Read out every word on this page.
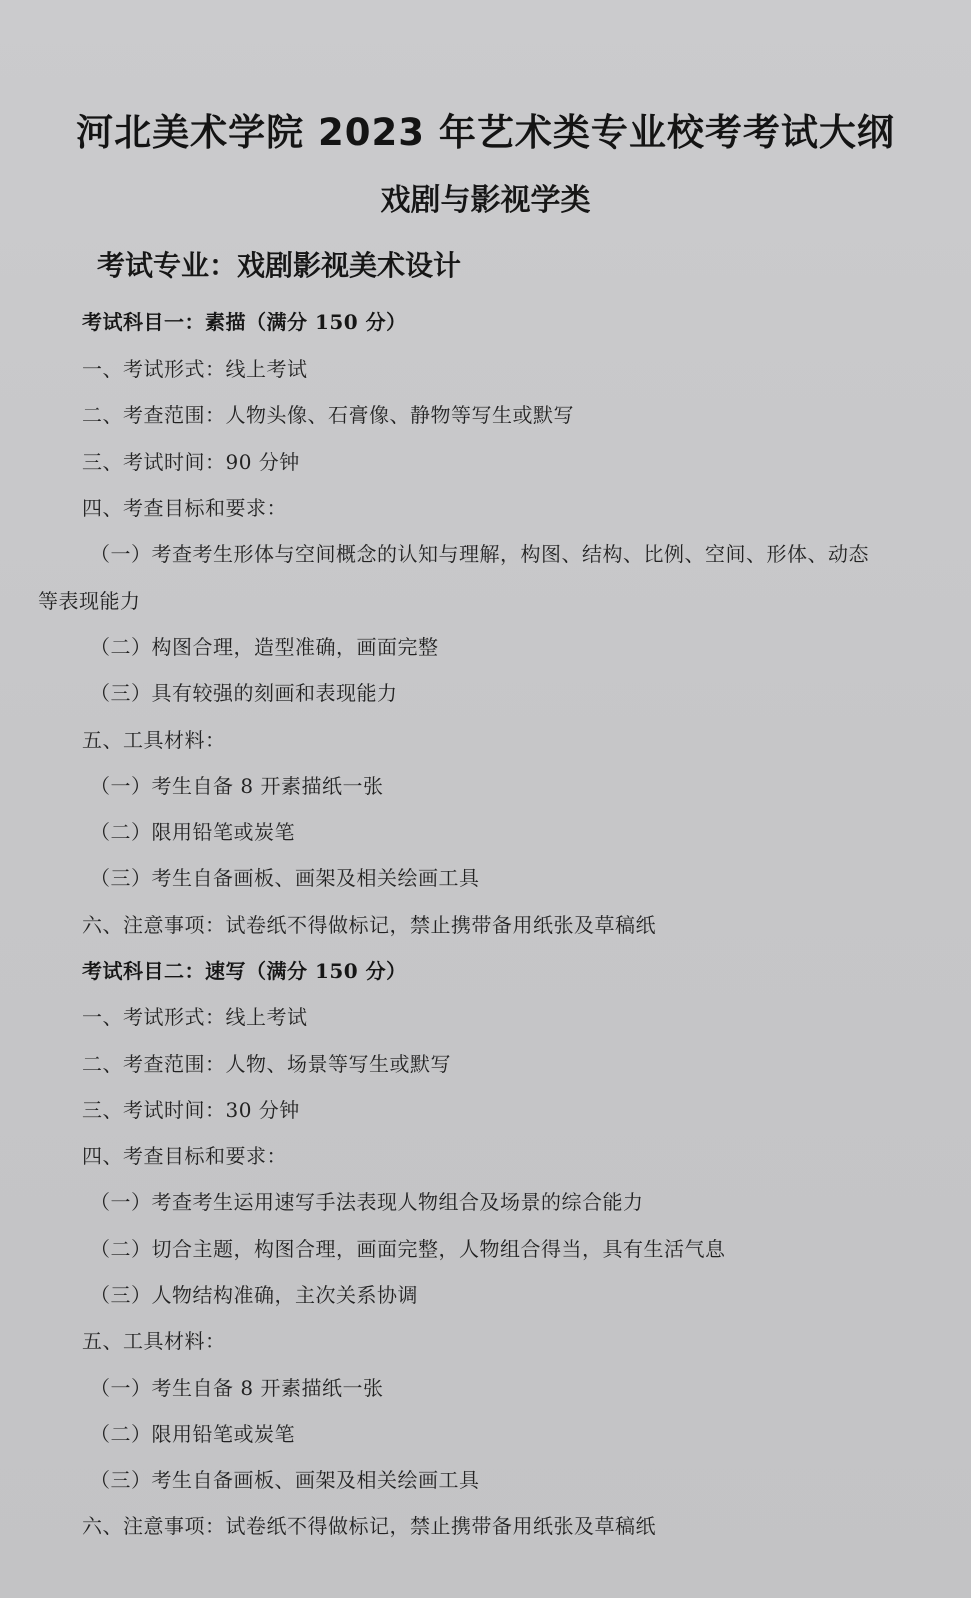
河北美术学院 2023 年艺术类专业校考考试大纲
戏剧与影视学类
考试专业：戏剧影视美术设计
考试科目一：素描（满分 150 分）
一、考试形式：线上考试
二、考查范围：人物头像、石膏像、静物等写生或默写
三、考试时间：90 分钟
四、考查目标和要求：
（一）考查考生形体与空间概念的认知与理解，构图、结构、比例、空间、形体、动态
等表现能力
（二）构图合理，造型准确，画面完整
（三）具有较强的刻画和表现能力
五、工具材料：
（一）考生自备 8 开素描纸一张
（二）限用铅笔或炭笔
（三）考生自备画板、画架及相关绘画工具
六、注意事项：试卷纸不得做标记，禁止携带备用纸张及草稿纸
考试科目二：速写（满分 150 分）
一、考试形式：线上考试
二、考查范围：人物、场景等写生或默写
三、考试时间：30 分钟
四、考查目标和要求：
（一）考查考生运用速写手法表现人物组合及场景的综合能力
（二）切合主题，构图合理，画面完整，人物组合得当，具有生活气息
（三）人物结构准确，主次关系协调
五、工具材料：
（一）考生自备 8 开素描纸一张
（二）限用铅笔或炭笔
（三）考生自备画板、画架及相关绘画工具
六、注意事项：试卷纸不得做标记，禁止携带备用纸张及草稿纸
